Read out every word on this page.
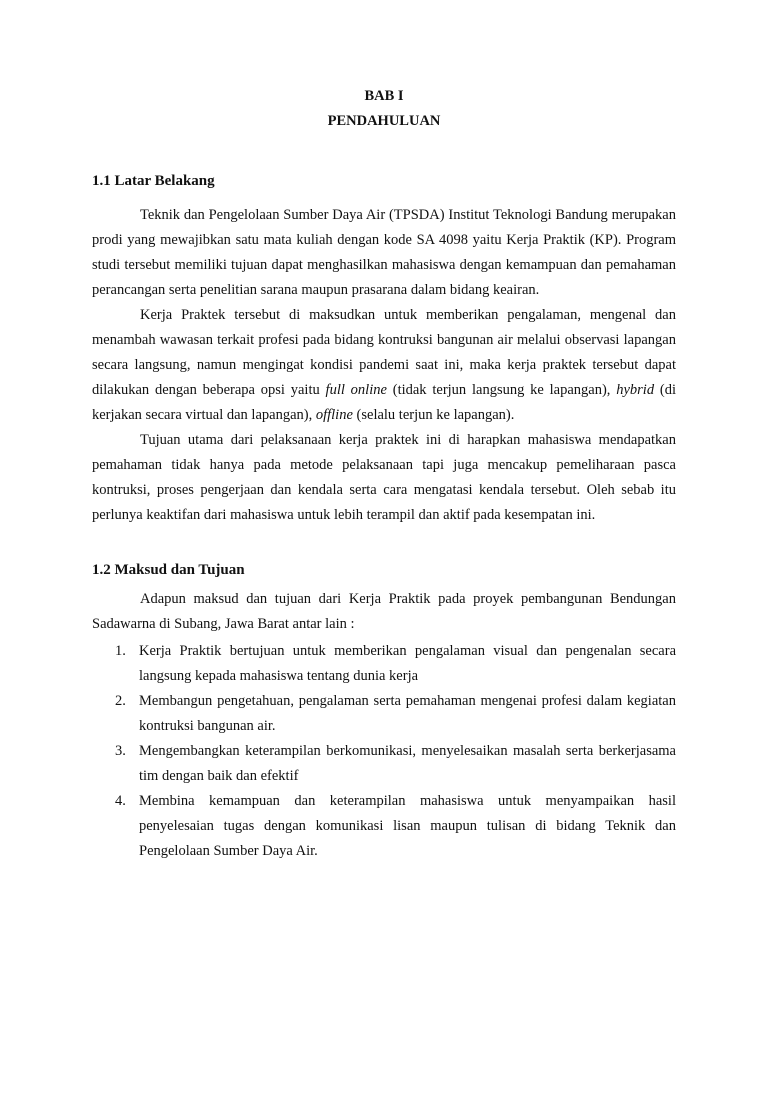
BAB I
PENDAHULUAN
1.1 Latar Belakang

Teknik dan Pengelolaan Sumber Daya Air (TPSDA) Institut Teknologi Bandung merupakan prodi yang mewajibkan satu mata kuliah dengan kode SA 4098 yaitu Kerja Praktik (KP). Program studi tersebut memiliki tujuan dapat menghasilkan mahasiswa dengan kemampuan dan pemahaman perancangan serta penelitian sarana maupun prasarana dalam bidang keairan.

Kerja Praktek tersebut di maksudkan untuk memberikan pengalaman, mengenal dan menambah wawasan terkait profesi pada bidang kontruksi bangunan air melalui observasi lapangan secara langsung, namun mengingat kondisi pandemi saat ini, maka kerja praktek tersebut dapat dilakukan dengan beberapa opsi yaitu full online (tidak terjun langsung ke lapangan), hybrid (di kerjakan secara virtual dan lapangan), offline (selalu terjun ke lapangan).

Tujuan utama dari pelaksanaan kerja praktek ini di harapkan mahasiswa mendapatkan pemahaman tidak hanya pada metode pelaksanaan tapi juga mencakup pemeliharaan pasca kontruksi, proses pengerjaan dan kendala serta cara mengatasi kendala tersebut. Oleh sebab itu perlunya keaktifan dari mahasiswa untuk lebih terampil dan aktif pada kesempatan ini.

1.2 Maksud dan Tujuan

Adapun maksud dan tujuan dari Kerja Praktik pada proyek pembangunan Bendungan Sadawarna di Subang, Jawa Barat antar lain :

1. Kerja Praktik bertujuan untuk memberikan pengalaman visual dan pengenalan secara langsung kepada mahasiswa tentang dunia kerja
2. Membangun pengetahuan, pengalaman serta pemahaman mengenai profesi dalam kegiatan kontruksi bangunan air.
3. Mengembangkan keterampilan berkomunikasi, menyelesaikan masalah serta berkerjasama tim dengan baik dan efektif
4. Membina kemampuan dan keterampilan mahasiswa untuk menyampaikan hasil penyelesaian tugas dengan komunikasi lisan maupun tulisan di bidang Teknik dan Pengelolaan Sumber Daya Air.
